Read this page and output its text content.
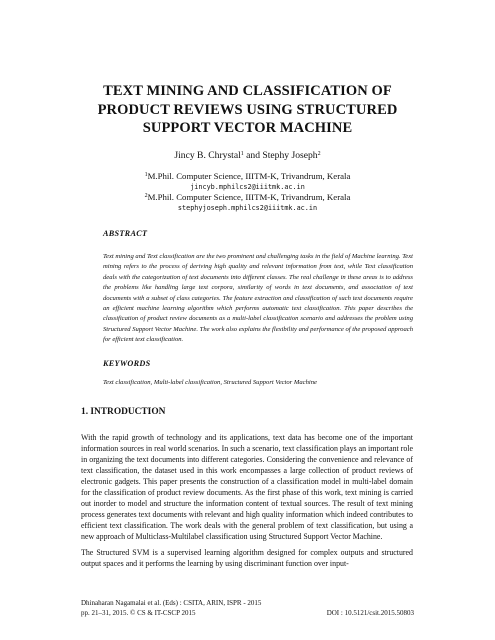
TEXT MINING AND CLASSIFICATION OF
PRODUCT REVIEWS USING STRUCTURED
SUPPORT VECTOR MACHINE
Jincy B. Chrystal$^1$ and Stephy Joseph$^2$
$^1$M.Phil. Computer Science, IIITM-K, Trivandrum, Kerala
jincyb.mphilcs2@iiitmk.ac.in
$^2$M.Phil. Computer Science, IIITM-K, Trivandrum, Kerala
stephyjoseph.mphilcs2@iiitmk.ac.in
ABSTRACT
Text mining and Text classification are the two prominent and challenging tasks in the field of Machine learning. Text mining refers to the process of deriving high quality and relevant information from text, while Text classification deals with the categorization of text documents into different classes. The real challenge in these areas is to address the problems like handling large text corpora, similarity of words in text documents, and association of text documents with a subset of class categories. The feature extraction and classification of such text documents require an efficient machine learning algorithm which performs automatic text classification. This paper describes the classification of product review documents as a multi-label classification scenario and addresses the problem using Structured Support Vector Machine. The work also explains the flexibility and performance of the proposed approach for efficient text classification.
KEYWORDS
Text classification, Multi-label classification, Structured Support Vector Machine
1. INTRODUCTION
With the rapid growth of technology and its applications, text data has become one of the important information sources in real world scenarios. In such a scenario, text classification plays an important role in organizing the text documents into different categories. Considering the convenience and relevance of text classification, the dataset used in this work encompasses a large collection of product reviews of electronic gadgets. This paper presents the construction of a classification model in multi-label domain for the classification of product review documents. As the first phase of this work, text mining is carried out inorder to model and structure the information content of textual sources. The result of text mining process generates text documents with relevant and high quality information which indeed contributes to efficient text classification. The work deals with the general problem of text classification, but using a new approach of Multiclass-Multilabel classification using Structured Support Vector Machine.
The Structured SVM is a supervised learning algorithm designed for complex outputs and structured output spaces and it performs the learning by using discriminant function over input-
Dhinaharan Nagamalai et al. (Eds) : CSITA, ARIN, ISPR - 2015
pp. 21–31, 2015. © CS & IT-CSCP 2015	DOI : 10.5121/csit.2015.50803
